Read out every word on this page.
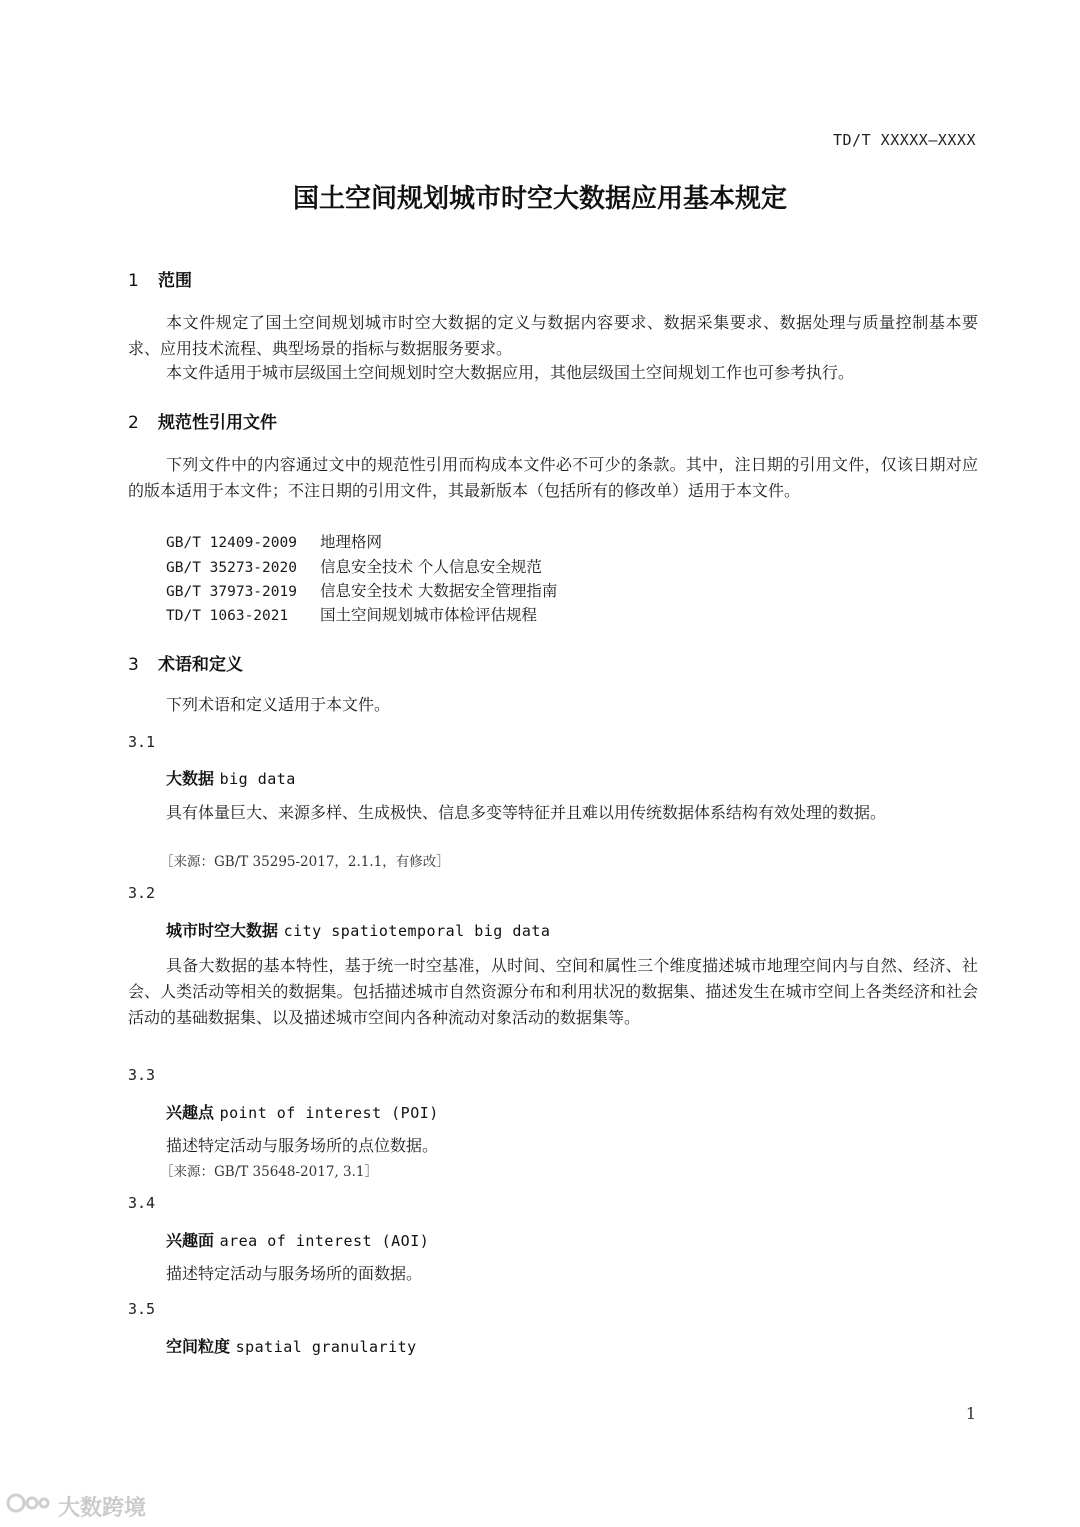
TD/T XXXXX—XXXX
国土空间规划城市时空大数据应用基本规定
1 范围
本文件规定了国土空间规划城市时空大数据的定义与数据内容要求、数据采集要求、数据处理与质量控制基本要求、应用技术流程、典型场景的指标与数据服务要求。
本文件适用于城市层级国土空间规划时空大数据应用，其他层级国土空间规划工作也可参考执行。
2 规范性引用文件
下列文件中的内容通过文中的规范性引用而构成本文件必不可少的条款。其中，注日期的引用文件，仅该日期对应的版本适用于本文件；不注日期的引用文件，其最新版本（包括所有的修改单）适用于本文件。
GB/T 12409-2009 地理格网
GB/T 35273-2020 信息安全技术 个人信息安全规范
GB/T 37973-2019 信息安全技术 大数据安全管理指南
TD/T 1063-2021 国土空间规划城市体检评估规程
3 术语和定义
下列术语和定义适用于本文件。
3.1
大数据 big data
具有体量巨大、来源多样、生成极快、信息多变等特征并且难以用传统数据体系结构有效处理的数据。
［来源：GB/T 35295-2017，2.1.1，有修改］
3.2
城市时空大数据 city spatiotemporal big data
具备大数据的基本特性，基于统一时空基准，从时间、空间和属性三个维度描述城市地理空间内与自然、经济、社会、人类活动等相关的数据集。包括描述城市自然资源分布和利用状况的数据集、描述发生在城市空间上各类经济和社会活动的基础数据集、以及描述城市空间内各种流动对象活动的数据集等。
3.3
兴趣点 point of interest (POI)
描述特定活动与服务场所的点位数据。
［来源：GB/T 35648-2017, 3.1］
3.4
兴趣面 area of interest (AOI)
描述特定活动与服务场所的面数据。
3.5
空间粒度 spatial granularity
1
大数跨境
